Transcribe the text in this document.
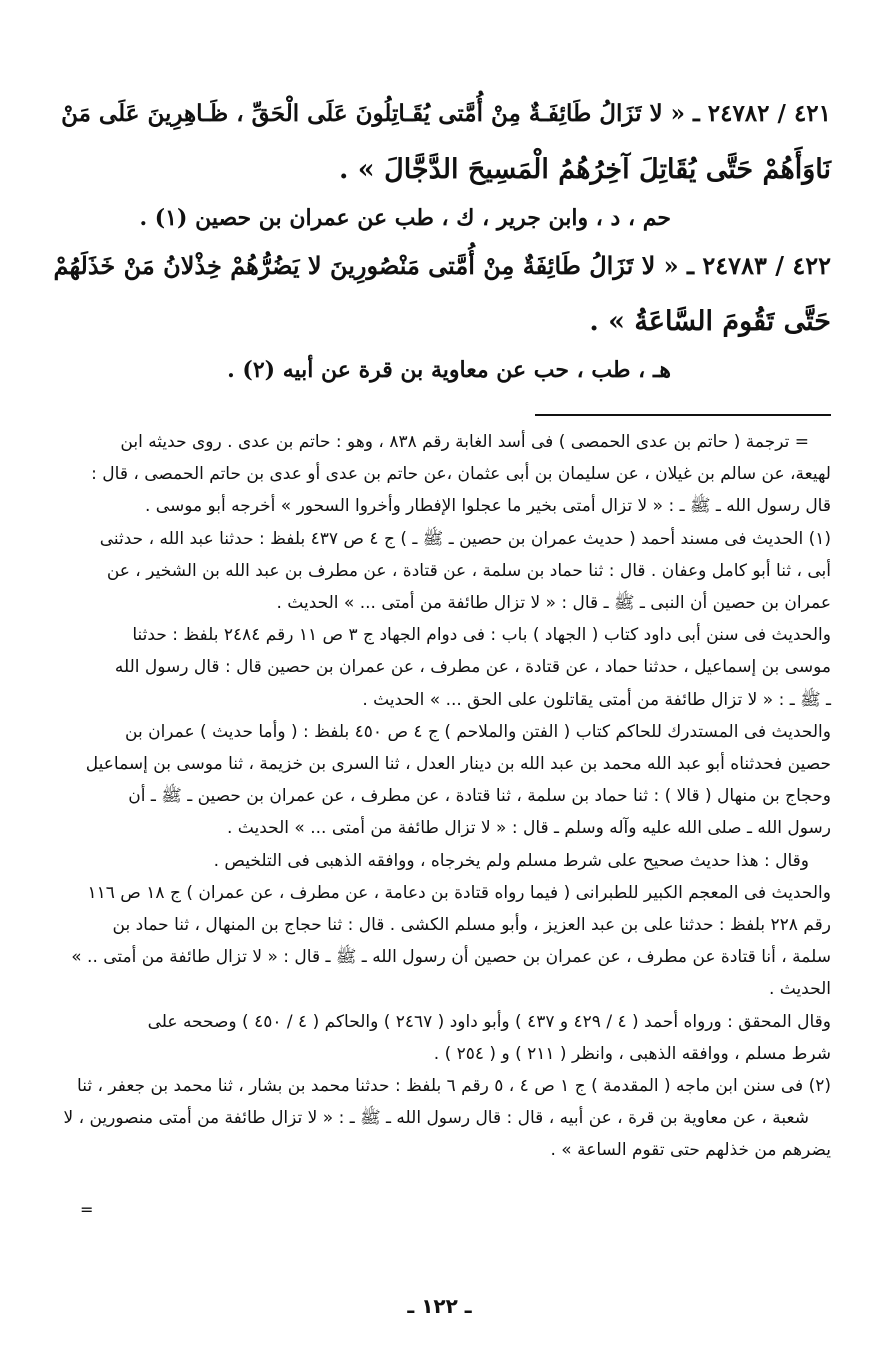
٤٢١ / ٢٤٧٨٢ ـ « لا تَزَالُ طَائِفَـةٌ مِنْ أُمَّتى يُقَـاتِلُونَ عَلَى الْحَقِّ ، ظَـاهِرِينَ عَلَى مَنْ
نَاوَأَهُمْ حَتَّى يُقَاتِلَ آخِرُهُمُ الْمَسِيحَ الدَّجَّالَ » .
حم ، د ، وابن جرير ، ك ، طب عن عمران بن حصين (١) .
٤٢٢ / ٢٤٧٨٣ ـ « لا تَزَالُ طَائِفَةٌ مِنْ أُمَّتى مَنْصُورِينَ لا يَضُرُّهُمْ خِذْلانُ مَنْ خَذَلَهُمْ
حَتَّى تَقُومَ السَّاعَةُ » .
هـ ، طب ، حب عن معاوية بن قرة عن أبيه (٢) .
= ترجمة ( حاتم بن عدى الحمصى ) فى أسد الغابة رقم ٨٣٨ ، وهو : حاتم بن عدى . روى حديثه ابن
لهيعة، عن سالم بن غيلان ، عن سليمان بن أبى عثمان ،عن حاتم بن عدى أو عدى بن حاتم الحمصى ، قال :
قال رسول الله ـ ﷺ ـ : « لا تزال أمتى بخير ما عجلوا الإفطار وأخروا السحور » أخرجه أبو موسى .
(١) الحديث فى مسند أحمد ( حديث عمران بن حصين ـ ﷺ ـ ) ج ٤ ص ٤٣٧ بلفظ : حدثنا عبد الله ، حدثنى
أبى ، ثنا أبو كامل وعفان . قال : ثنا حماد بن سلمة ، عن قتادة ، عن مطرف بن عبد الله بن الشخير ، عن
عمران بن حصين أن النبى ـ ﷺ ـ قال : « لا تزال طائفة من أمتى ... » الحديث .
والحديث فى سنن أبى داود كتاب ( الجهاد ) باب : فى دوام الجهاد ج ٣ ص ١١ رقم ٢٤٨٤ بلفظ : حدثنا
موسى بن إسماعيل ، حدثنا حماد ، عن قتادة ، عن مطرف ، عن عمران بن حصين قال : قال رسول الله
ـ ﷺ ـ : « لا تزال طائفة من أمتى يقاتلون على الحق ... » الحديث .
والحديث فى المستدرك للحاكم كتاب ( الفتن والملاحم ) ج ٤ ص ٤٥٠ بلفظ : ( وأما حديث ) عمران بن
حصين فحدثناه أبو عبد الله محمد بن عبد الله بن دينار العدل ، ثنا السرى بن خزيمة ، ثنا موسى بن إسماعيل
وحجاج بن منهال ( قالا ) : ثنا حماد بن سلمة ، ثنا قتادة ، عن مطرف ، عن عمران بن حصين ـ ﷺ ـ أن
رسول الله ـ صلى الله عليه وآله وسلم ـ قال : « لا تزال طائفة من أمتى ... » الحديث .
وقال : هذا حديث صحيح على شرط مسلم ولم يخرجاه ، ووافقه الذهبى فى التلخيص .
والحديث فى المعجم الكبير للطبرانى ( فيما رواه قتادة بن دعامة ، عن مطرف ، عن عمران ) ج ١٨ ص ١١٦
رقم ٢٢٨ بلفظ : حدثنا على بن عبد العزيز ، وأبو مسلم الكشى . قال : ثنا حجاج بن المنهال ، ثنا حماد بن
سلمة ، أنا قتادة عن مطرف ، عن عمران بن حصين أن رسول الله ـ ﷺ ـ قال : « لا تزال طائفة من أمتى .. »
الحديث .
وقال المحقق : ورواه أحمد ( ٤ / ٤٢٩ و ٤٣٧ ) وأبو داود ( ٢٤٦٧ ) والحاكم ( ٤ / ٤٥٠ ) وصححه على
شرط مسلم ، ووافقه الذهبى ، وانظر ( ٢١١ ) و ( ٢٥٤ ) .
(٢) فى سنن ابن ماجه ( المقدمة ) ج ١ ص ٤ ، ٥ رقم ٦ بلفظ : حدثنا محمد بن بشار ، ثنا محمد بن جعفر ، ثنا
شعبة ، عن معاوية بن قرة ، عن أبيه ، قال : قال رسول الله ـ ﷺ ـ : « لا تزال طائفة من أمتى منصورين ، لا
يضرهم من خذلهم حتى تقوم الساعة » .
=
ـ ١٢٢ ـ
